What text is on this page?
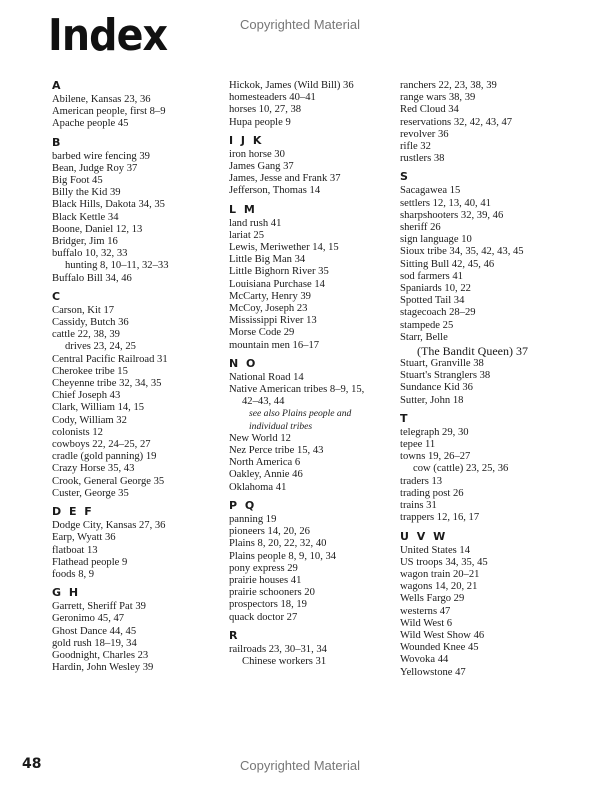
Index	Copyrighted Material
A
Abilene, Kansas 23, 36
American people, first 8–9
Apache people 45
B
barbed wire fencing 39
Bean, Judge Roy 37
Big Foot 45
Billy the Kid 39
Black Hills, Dakota 34, 35
Black Kettle 34
Boone, Daniel 12, 13
Bridger, Jim 16
buffalo 10, 32, 33
hunting 8, 10–11, 32–33
Buffalo Bill 34, 46
C
Carson, Kit 17
Cassidy, Butch 36
cattle 22, 38, 39
drives 23, 24, 25
Central Pacific Railroad 31
Cherokee tribe 15
Cheyenne tribe 32, 34, 35
Chief Joseph 43
Clark, William 14, 15
Cody, William 32
colonists 12
cowboys 22, 24–25, 27
cradle (gold panning) 19
Crazy Horse 35, 43
Crook, General George 35
Custer, George 35
D E F
Dodge City, Kansas 27, 36
Earp, Wyatt 36
flatboat 13
Flathead people 9
foods 8, 9
G H
Garrett, Sheriff Pat 39
Geronimo 45, 47
Ghost Dance 44, 45
gold rush 18–19, 34
Goodnight, Charles 23
Hardin, John Wesley 39
Hickok, James (Wild Bill) 36
homesteaders 40–41
horses 10, 27, 38
Hupa people 9
I J K
iron horse 30
James Gang 37
James, Jesse and Frank 37
Jefferson, Thomas 14
L M
land rush 41
lariat 25
Lewis, Meriwether 14, 15
Little Big Man 34
Little Bighorn River 35
Louisiana Purchase 14
McCarty, Henry 39
McCoy, Joseph 23
Mississippi River 13
Morse Code 29
mountain men 16–17
N O
National Road 14
Native American tribes 8–9, 15,
42–43, 44
see also Plains people and
individual tribes
New World 12
Nez Perce tribe 15, 43
North America 6
Oakley, Annie 46
Oklahoma 41
P Q
panning 19
pioneers 14, 20, 26
Plains 8, 20, 22, 32, 40
Plains people 8, 9, 10, 34
pony express 29
prairie houses 41
prairie schooners 20
prospectors 18, 19
quack doctor 27
R
railroads 23, 30–31, 34
Chinese workers 31
ranchers 22, 23, 38, 39
range wars 38, 39
Red Cloud 34
reservations 32, 42, 43, 47
revolver 36
rifle 32
rustlers 38
S
Sacagawea 15
settlers 12, 13, 40, 41
sharpshooters 32, 39, 46
sheriff 26
sign language 10
Sioux tribe 34, 35, 42, 43, 45
Sitting Bull 42, 45, 46
sod farmers 41
Spaniards 10, 22
Spotted Tail 34
stagecoach 28–29
stampede 25
Starr, Belle
(The Bandit Queen) 37
Stuart, Granville 38
Stuart's Stranglers 38
Sundance Kid 36
Sutter, John 18
T
telegraph 29, 30
tepee 11
towns 19, 26–27
cow (cattle) 23, 25, 36
traders 13
trading post 26
trains 31
trappers 12, 16, 17
U V W
United States 14
US troops 34, 35, 45
wagon train 20–21
wagons 14, 20, 21
Wells Fargo 29
westerns 47
Wild West 6
Wild West Show 46
Wounded Knee 45
Wovoka 44
Yellowstone 47
48	Copyrighted Material
